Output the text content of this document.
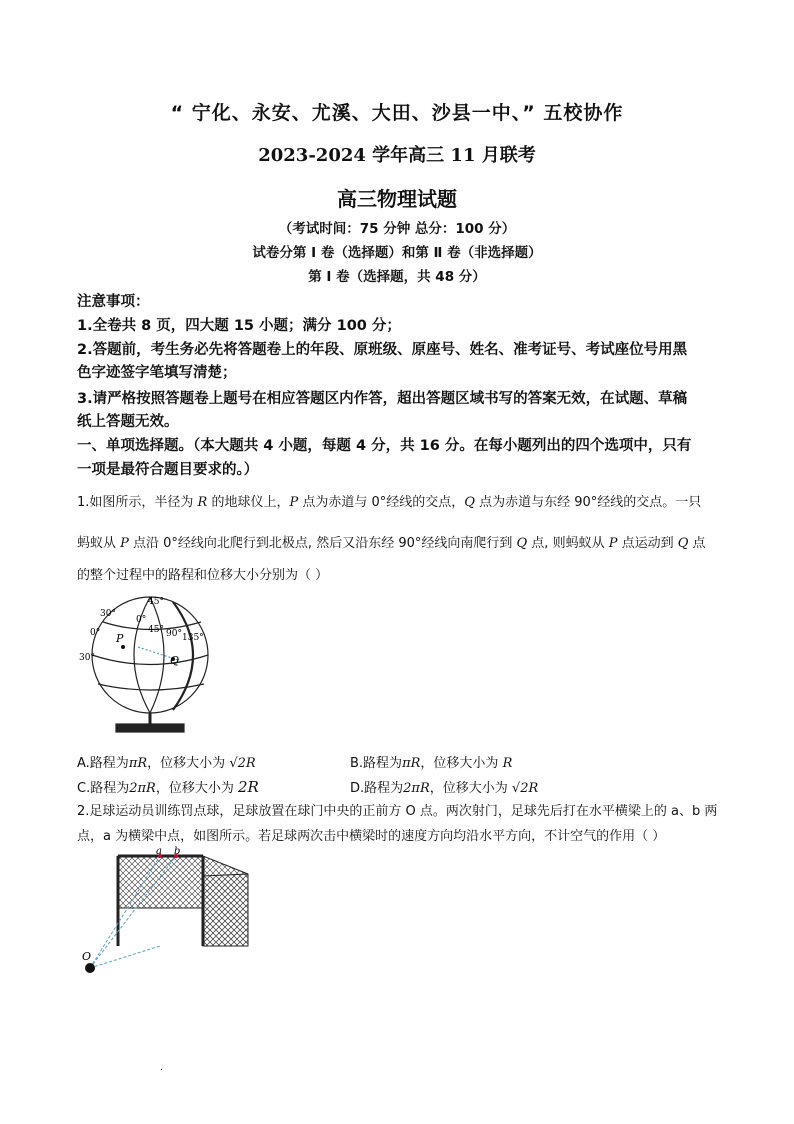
“ 宁化、永安、尤溪、大田、沙县一中、” 五校协作
2023-2024 学年高三 11 月联考
高三物理试题
（考试时间：75 分钟 总分：100 分）
试卷分第 Ⅰ 卷（选择题）和第 Ⅱ 卷（非选择题）
第 Ⅰ 卷（选择题，共 48 分）
注意事项：
1.全卷共 8 页，四大题 15 小题；满分 100 分；
2.答题前，考生务必先将答题卷上的年段、原班级、原座号、姓名、准考证号、考试座位号用黑
色字迹签字笔填写清楚；
3.请严格按照答题卷上题号在相应答题区内作答，超出答题区域书写的答案无效，在试题、草稿
纸上答题无效。
一、单项选择题。（本大题共 4 小题，每题 4 分，共 16 分。在每小题列出的四个选项中，只有
一项是最符合题目要求的。）
1.如图所示，半径为 R 的地球仪上，P 点为赤道与 0°经线的交点，Q 点为赤道与东经 90°经线的交点。一只
蚂蚁从 P 点沿 0°经线向北爬行到北极点, 然后又沿东经 90°经线向南爬行到 Q 点, 则蚂蚁从 P 点运动到 Q 点
的整个过程中的路程和位移大小分别为（ ）
45°
30°
0°
0°	45° 90° 135°
30°
P
Q
A.路程为πR，位移大小为 √2R	B.路程为πR，位移大小为 R
C.路程为2πR，位移大小为 2R	D.路程为2πR，位移大小为 √2R
2.足球运动员训练罚点球，足球放置在球门中央的正前方 O 点。两次射门，足球先后打在水平横梁上的 a、b 两
点，a 为横梁中点，如图所示。若足球两次击中横梁时的速度方向均沿水平方向，不计空气的作用（ ）
a b
O
.
